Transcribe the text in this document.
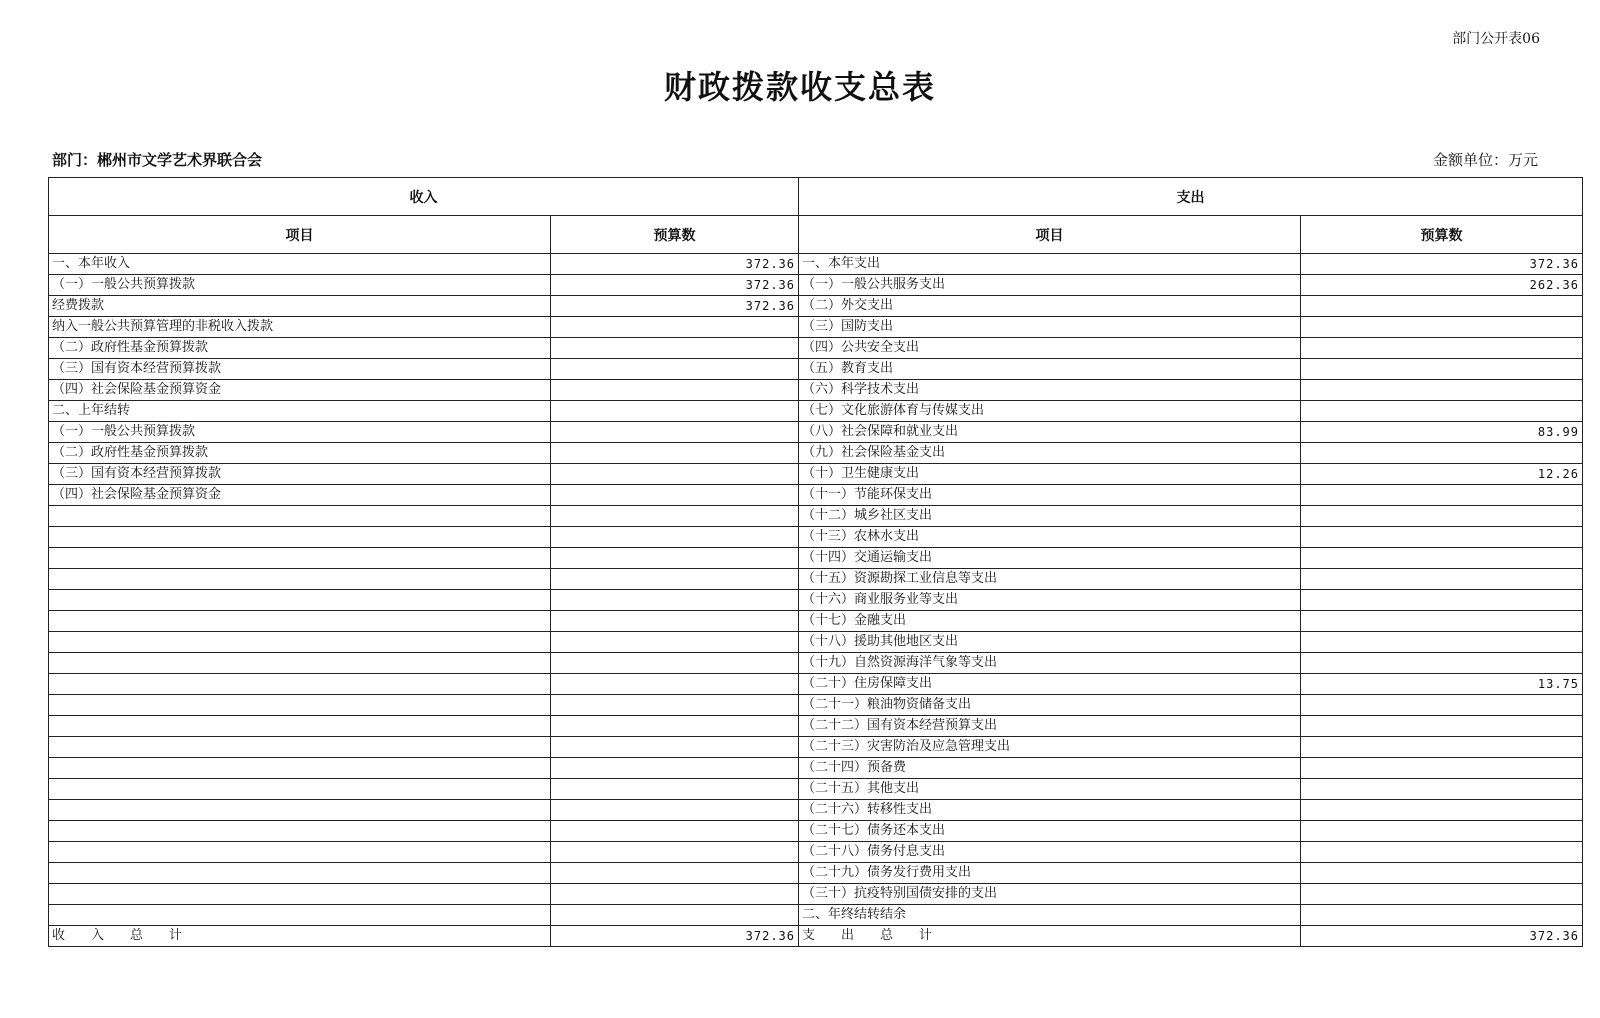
部门公开表06
财政拨款收支总表
部门：郴州市文学艺术界联合会	金额单位：万元
收入		支出	
项目	预算数	项目	预算数
一、本年收入	372.36	一、本年支出	372.36
（一）一般公共预算拨款	372.36	（一）一般公共服务支出	262.36
经费拨款	372.36	（二）外交支出	
纳入一般公共预算管理的非税收入拨款		（三）国防支出	
（二）政府性基金预算拨款		（四）公共安全支出	
（三）国有资本经营预算拨款		（五）教育支出	
（四）社会保险基金预算资金		（六）科学技术支出	
二、上年结转		（七）文化旅游体育与传媒支出	
（一）一般公共预算拨款		（八）社会保障和就业支出	83.99
（二）政府性基金预算拨款		（九）社会保险基金支出	
（三）国有资本经营预算拨款		（十）卫生健康支出	12.26
（四）社会保险基金预算资金		（十一）节能环保支出	
		（十二）城乡社区支出	
		（十三）农林水支出	
		（十四）交通运输支出	
		（十五）资源勘探工业信息等支出	
		（十六）商业服务业等支出	
		（十七）金融支出	
		（十八）援助其他地区支出	
		（十九）自然资源海洋气象等支出	
		（二十）住房保障支出	13.75
		（二十一）粮油物资储备支出	
		（二十二）国有资本经营预算支出	
		（二十三）灾害防治及应急管理支出	
		（二十四）预备费	
		（二十五）其他支出	
		（二十六）转移性支出	
		（二十七）债务还本支出	
		（二十八）债务付息支出	
		（二十九）债务发行费用支出	
		（三十）抗疫特别国债安排的支出	
		二、年终结转结余	
收入总计	372.36	支出总计	372.36
